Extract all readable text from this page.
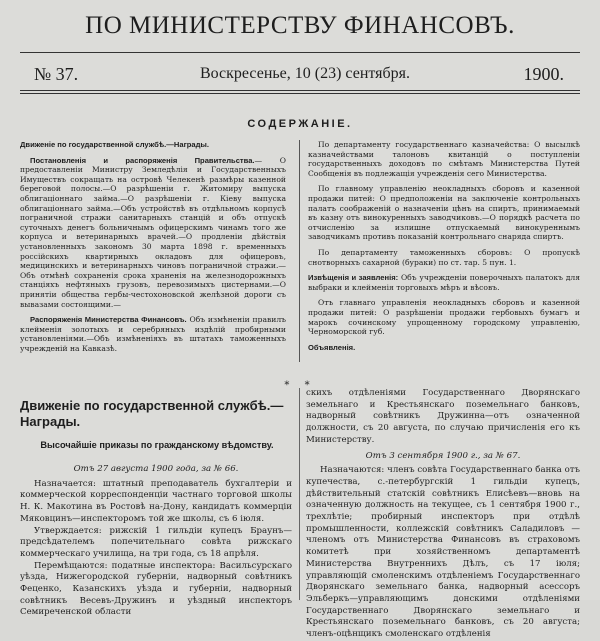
ПО МИНИСТЕРСТВУ ФИНАНСОВЪ.
№ 37.	Воскресенье, 10 (23) сентября.	1900.
СОДЕРЖАНІЕ.

Движеніе по государственной службѣ.—Награды.

Постановленія и распоряженія Правительства.— О предоставленіи Министру Земледѣлія и Государственныхъ Имуществъ сокращать на островѣ Челекенѣ размѣры казенной береговой полосы.—О разрѣшеніи г. Житомиру выпуска облигаціоннаго займа.—О разрѣшеніи г. Кіеву выпуска облигаціоннаго займа.—Объ устройствѣ въ отдѣльномъ корпусѣ пограничной стражи санитарныхъ станцій и объ отпускѣ суточныхъ денегъ больничнымъ офицерскимъ чинамъ того же корпуса и ветеринарныхъ врачей.—О продленіи дѣйствія установленныхъ закономъ 30 марта 1898 г. временныхъ россійскихъ квартирныхъ окладовъ для офицеровъ, медицинскихъ и ветеринарныхъ чиновъ пограничной стражи.—Объ отмѣнѣ сохраненія срока храненія на железнодорожныхъ станціяхъ нефтяныхъ грузовъ, перевозимыхъ цистернами.—О принятіи общества гербы-честохоновской желѣзной дороги съ вывазами состоящими.—

Распоряженія Министерства Финансовъ. Объ измѣненіи правилъ клейменія золотыхъ и серебряныхъ издѣлій пробирными установленіями.—Объ измѣненіяхъ въ штатахъ таможенныхъ учрежденій на Кавказѣ.

По департаменту государственнаго казначейства: О высылкѣ казначействами талоновъ квитанцій о поступленіи государственныхъ доходовъ по смѣтамъ Министерства Путей Сообщенія въ подлежащія учрежденія сего Министерства.

По главному управленію неокладныхъ сборовъ и казенной продажи питей: О предположеніи на заключеніе контрольныхъ палатъ соображеній о назначеніи цѣнъ на спиртъ, принимаемый въ казну отъ винокуренныхъ заводчиковъ.—О порядкѣ расчета по отчисленію за излишне отпускаемый винокуреннымъ заводчикамъ противъ показаній контрольнаго снаряда спиртъ.

По департаменту таможенныхъ сборовъ: О пропускѣ снотворныхъ сахарной (бураки) по ст. тар. 5 пун. 1.

Извѣщенія и заявленія: Объ учрежденіи поверочныхъ палатокъ для выбраки и клейменія торговыхъ мѣръ и вѣсовъ.

Отъ главнаго управленія неокладныхъ сборовъ и казенной продажи питей: О разрѣшеніи продажи гербовыхъ бумагъ и марокъ сочинскому упрощенному городскому управленію, Черноморской губ.

Объявленія.

* *
Движеніе по государственной службѣ.— Награды.
Высочайшіе приказы по гражданскому вѣдомству.

Отъ 27 августа 1900 года, за № 66.

Назначается: штатный преподаватель бухгалтеріи и коммерческой корреспонденціи частнаго торговой школы Н. К. Макотина въ Ростовѣ на-Дону, кандидатъ коммерціи Мяковцинъ—инспекторомъ той же школы, съ 6 іюля.

Утверждается: рижскій 1 гильдіи купецъ Браунъ—предсѣдателемъ попечительнаго совѣта рижскаго коммерческаго училища, на три года, съ 18 апрѣля.

Перемѣщаются: податные инспектора: Васильсурскаго уѣзда, Нижегородской губерніи, надворный совѣтникъ Феценко, Казанскихъ уѣзда и губерніи, надворный совѣтникъ Весевъ-Дружинъ и уѣздный инспекторъ Семиреченской области

скихъ отдѣленіями Государственнаго Дворянскаго земельнаго и Крестьянскаго поземельнаго банковъ, надворный совѣтникъ Дружинна—отъ означенной должности, съ 20 августа, по случаю причисленія его къ Министерству.

Отъ 3 сентября 1900 г., за № 67.

Назначаются: членъ совѣта Государственнаго банка отъ купечества, с.-петербургскій 1 гильдіи купецъ, дѣйствительный статскій совѣтникъ Елисѣевъ—вновь на означенную должность на текущее, съ 1 сентября 1900 г., трехлѣтіе; пробирный инспекторъ при отдѣлѣ промышленности, коллежскій совѣтникъ Саладиловъ — членомъ отъ Министерства Финансовъ въ страховомъ комитетѣ при хозяйственномъ департаментѣ Министерства Внутреннихъ Дѣлъ, съ 17 іюля; управляющій смоленскимъ отдѣленіемъ Государственнаго Дворянскаго земельнаго банка, надворный асессоръ Эльберкъ—управляющимъ донскими отдѣленіями Государственнаго Дворянскаго земельнаго и Крестьянскаго поземельнаго банковъ, съ 20 августа; членъ-оцѣнщикъ смоленскаго отдѣленія
